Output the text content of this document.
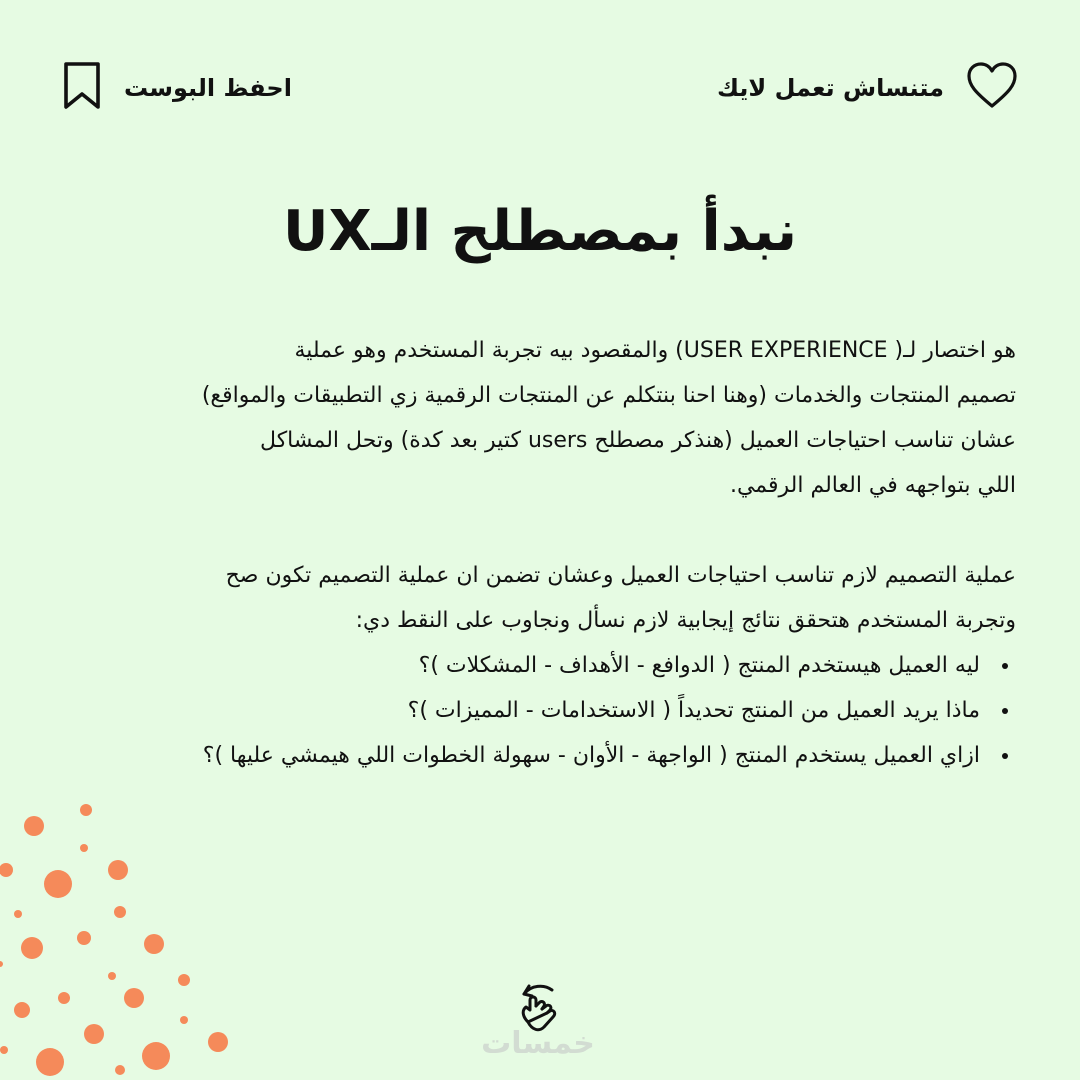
متنساش تعمل لايك
احفظ البوست
نبدأ بمصطلح الـUX

هو اختصار لـ( USER EXPERIENCE) والمقصود بيه تجربة المستخدم وهو عملية
تصميم المنتجات والخدمات (وهنا احنا بنتكلم عن المنتجات الرقمية زي التطبيقات والمواقع)
عشان تناسب احتياجات العميل (هنذكر مصطلح users كتير بعد كدة) وتحل المشاكل
اللي بتواجهه في العالم الرقمي.

عملية التصميم لازم تناسب احتياجات العميل وعشان تضمن ان عملية التصميم تكون صح
وتجربة المستخدم هتحقق نتائج إيجابية لازم نسأل ونجاوب على النقط دي:

ليه العميل هيستخدم المنتج ( الدوافع - الأهداف - المشكلات )؟
ماذا يريد العميل من المنتج تحديداً ( الاستخدامات - المميزات )؟
ازاي العميل يستخدم المنتج ( الواجهة - الأوان - سهولة الخطوات اللي هيمشي عليها )؟
خمسات
